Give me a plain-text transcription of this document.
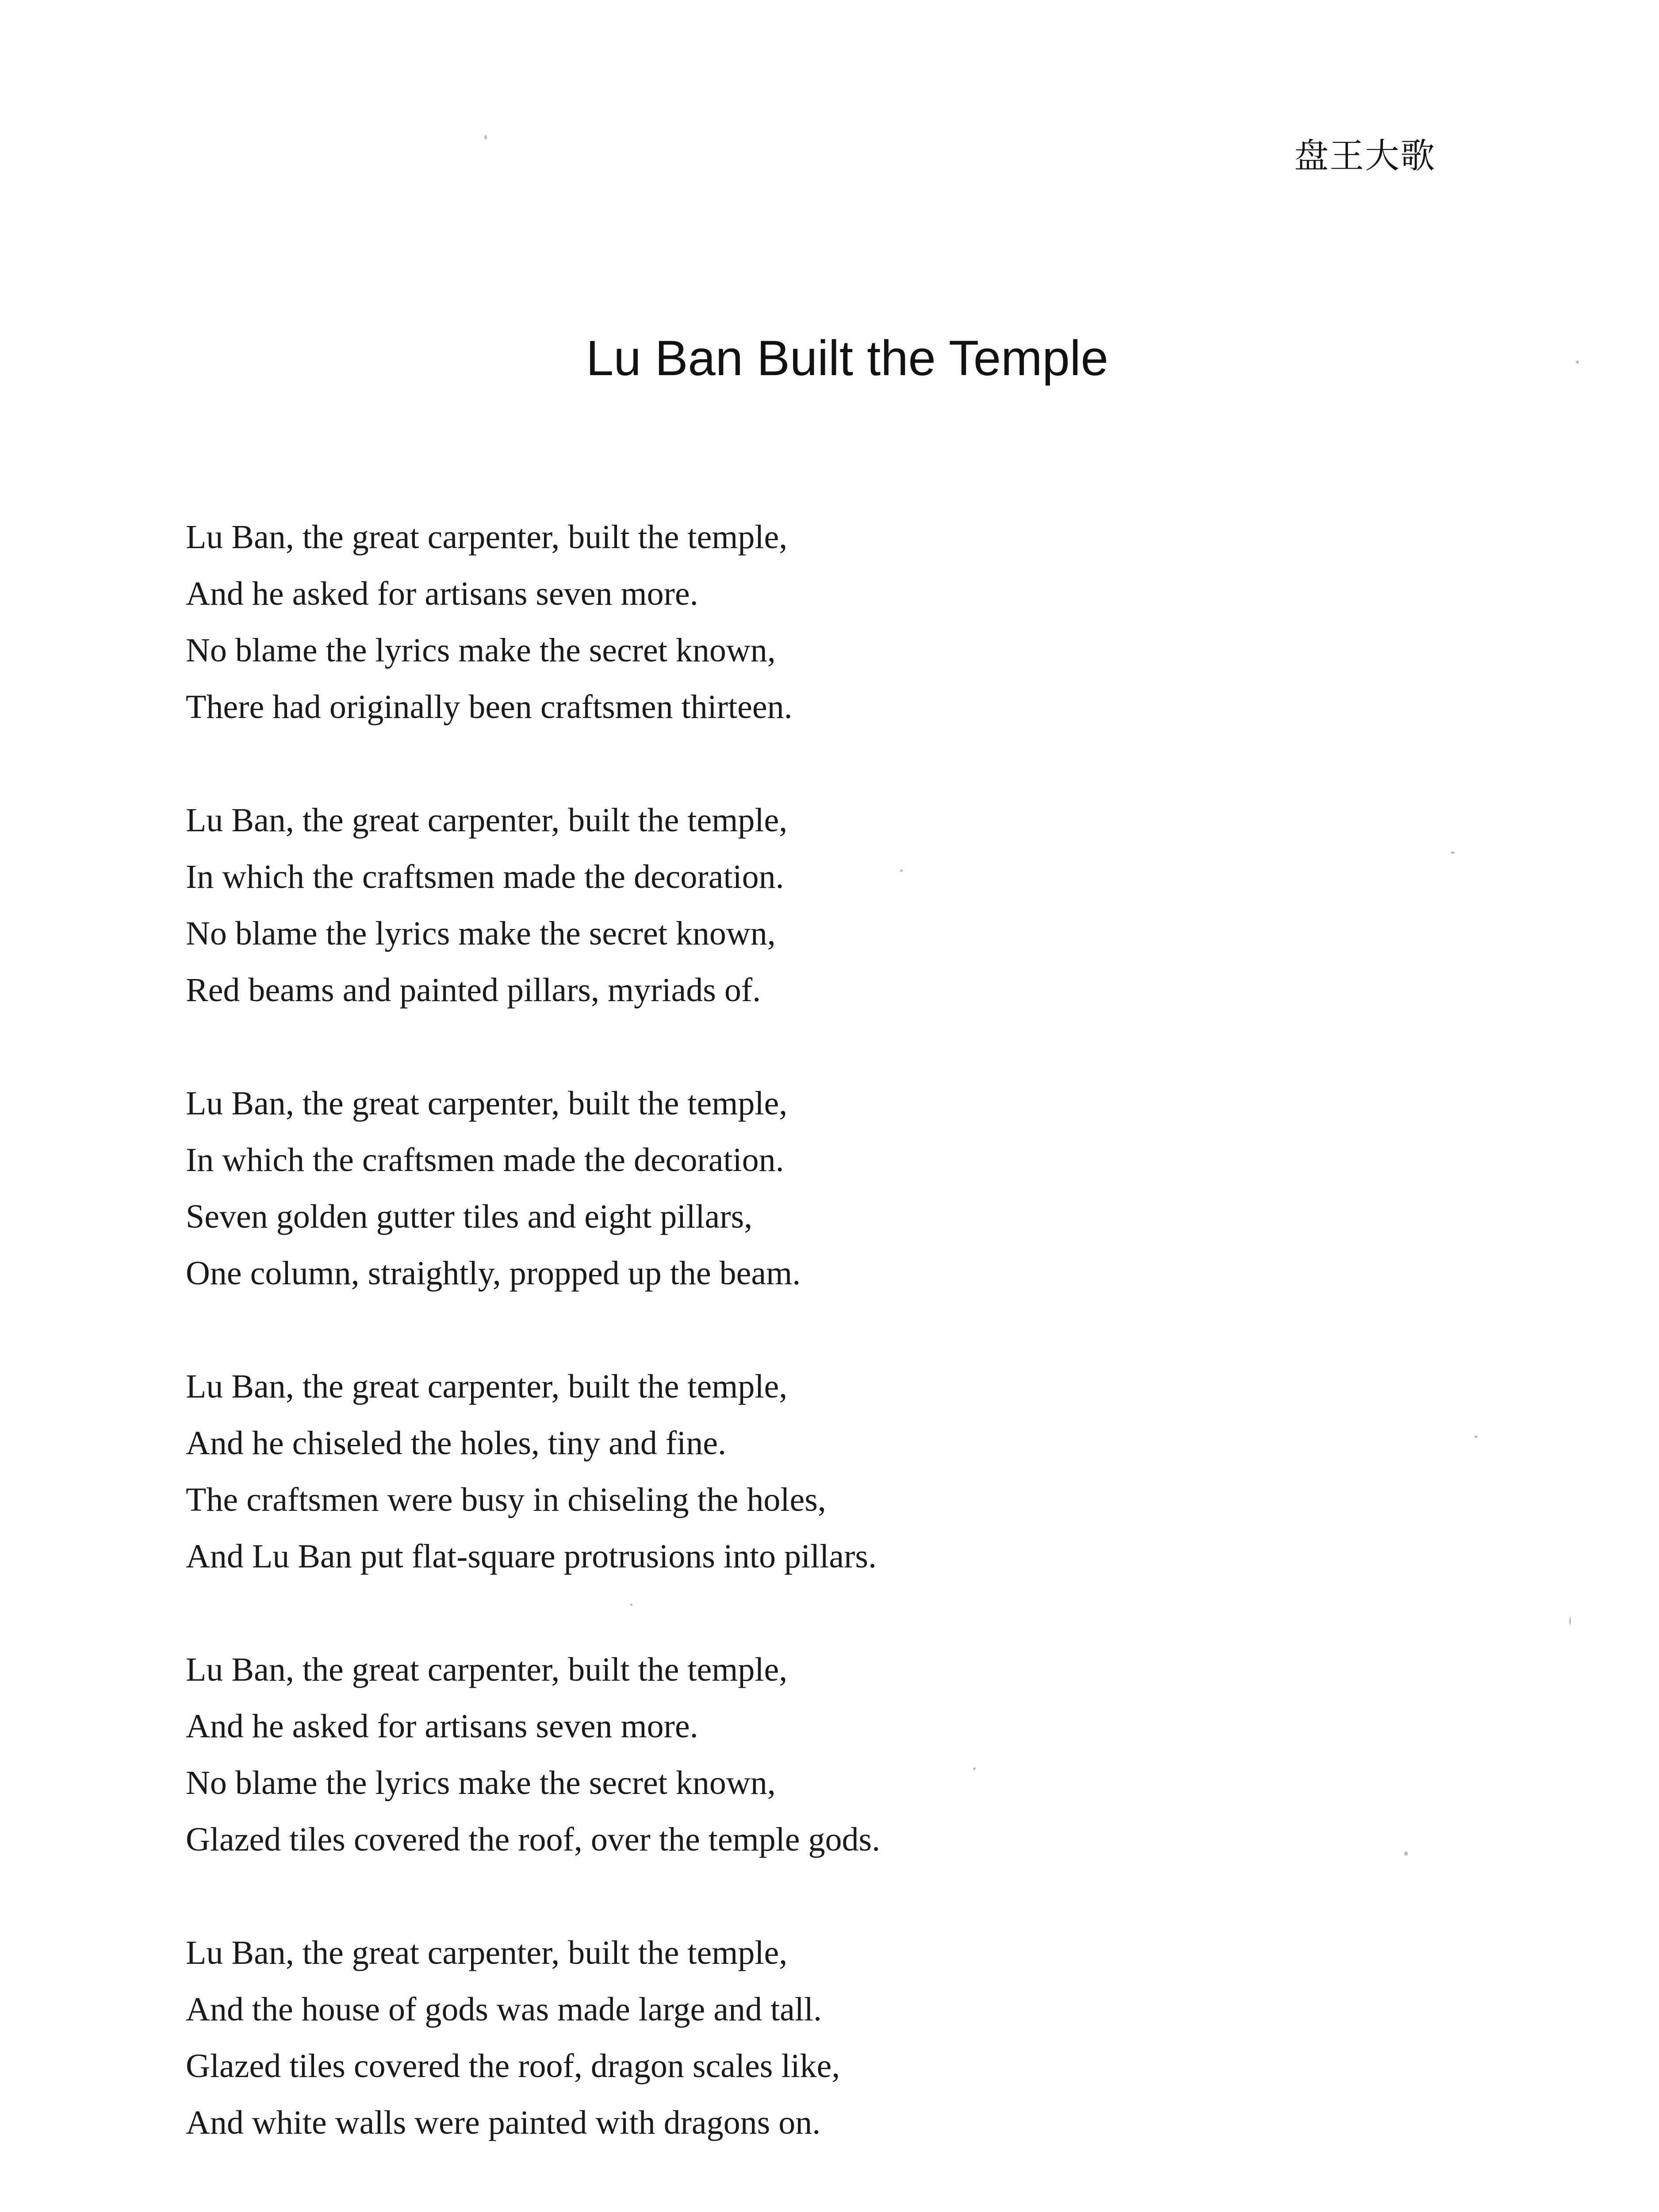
盘王大歌
Lu Ban Built the Temple
Lu Ban, the great carpenter, built the temple,
And he asked for artisans seven more.
No blame the lyrics make the secret known,
There had originally been craftsmen thirteen.
Lu Ban, the great carpenter, built the temple,
In which the craftsmen made the decoration.
No blame the lyrics make the secret known,
Red beams and painted pillars, myriads of.
Lu Ban, the great carpenter, built the temple,
In which the craftsmen made the decoration.
Seven golden gutter tiles and eight pillars,
One column, straightly, propped up the beam.
Lu Ban, the great carpenter, built the temple,
And he chiseled the holes, tiny and fine.
The craftsmen were busy in chiseling the holes,
And Lu Ban put flat-square protrusions into pillars.
Lu Ban, the great carpenter, built the temple,
And he asked for artisans seven more.
No blame the lyrics make the secret known,
Glazed tiles covered the roof, over the temple gods.
Lu Ban, the great carpenter, built the temple,
And the house of gods was made large and tall.
Glazed tiles covered the roof, dragon scales like,
And white walls were painted with dragons on.
